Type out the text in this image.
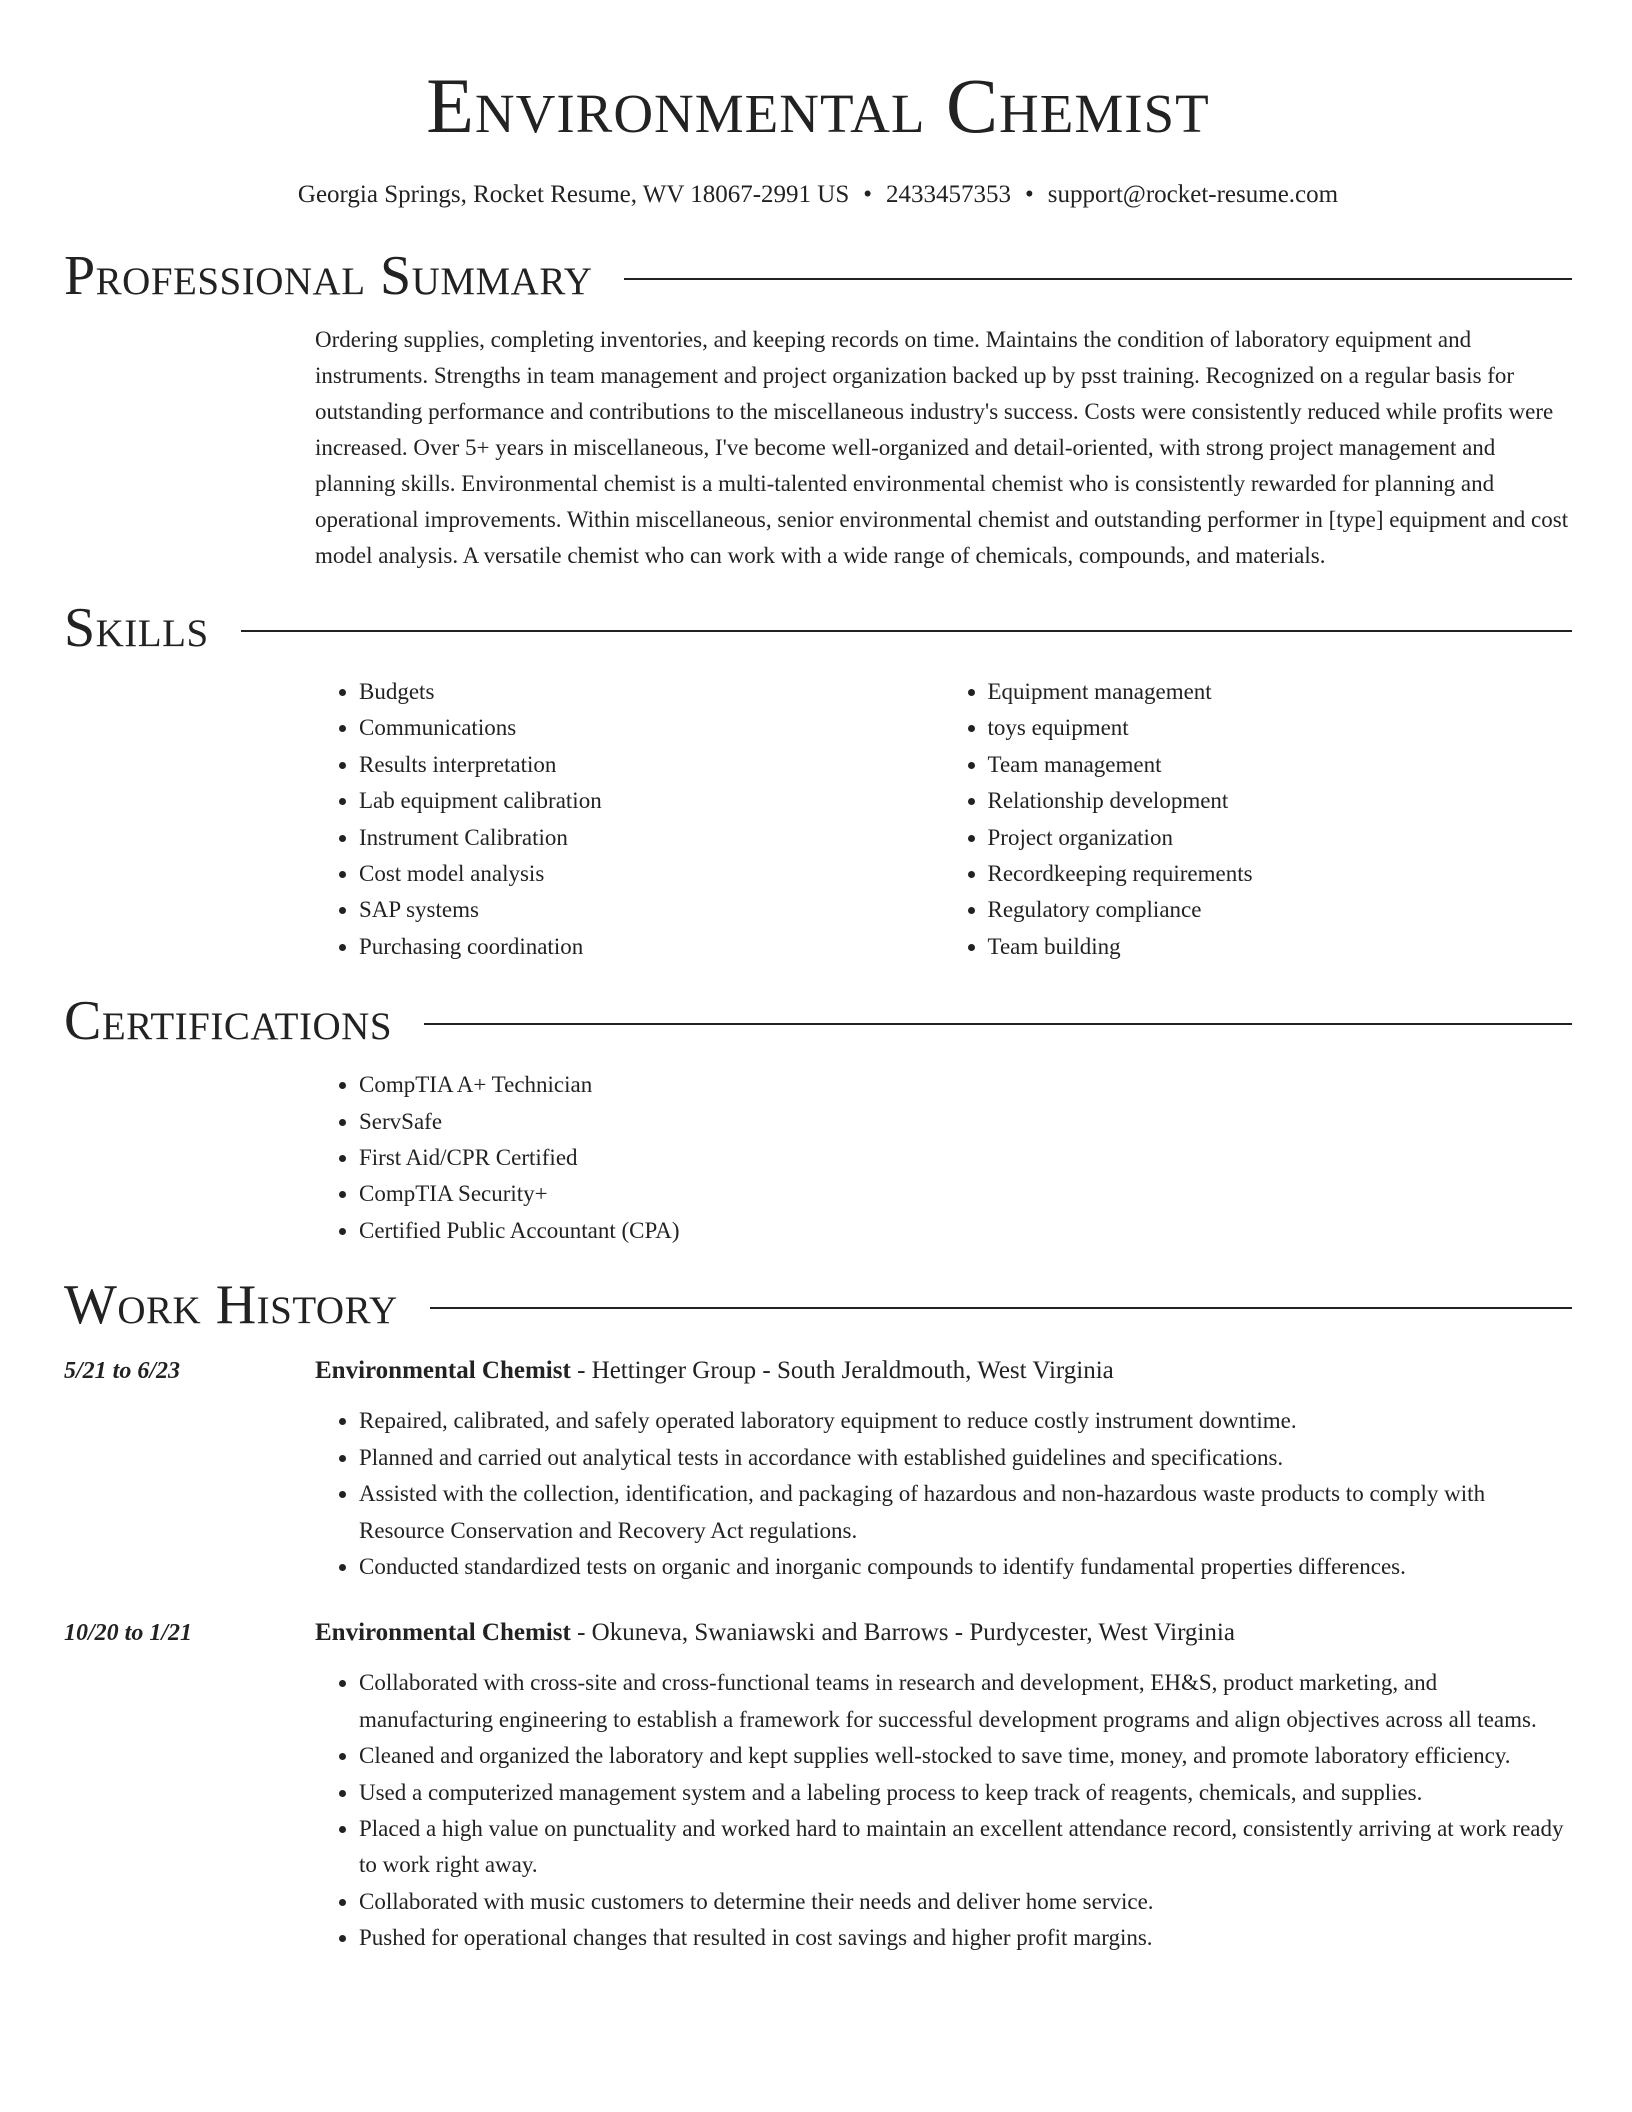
Environmental Chemist
Georgia Springs, Rocket Resume, WV 18067-2991 US • 2433457353 • support@rocket-resume.com
Professional Summary

Ordering supplies, completing inventories, and keeping records on time. Maintains the condition of laboratory equipment and instruments. Strengths in team management and project organization backed up by psst training. Recognized on a regular basis for outstanding performance and contributions to the miscellaneous industry's success. Costs were consistently reduced while profits were increased. Over 5+ years in miscellaneous, I've become well-organized and detail-oriented, with strong project management and planning skills. Environmental chemist is a multi-talented environmental chemist who is consistently rewarded for planning and operational improvements. Within miscellaneous, senior environmental chemist and outstanding performer in [type] equipment and cost model analysis. A versatile chemist who can work with a wide range of chemicals, compounds, and materials.

Skills
• Budgets
• Communications
• Results interpretation
• Lab equipment calibration
• Instrument Calibration
• Cost model analysis
• SAP systems
• Purchasing coordination
• Equipment management
• toys equipment
• Team management
• Relationship development
• Project organization
• Recordkeeping requirements
• Regulatory compliance
• Team building
Certifications
• CompTIA A+ Technician
• ServSafe
• First Aid/CPR Certified
• CompTIA Security+
• Certified Public Accountant (CPA)
Work History
5/21 to 6/23	Environmental Chemist - Hettinger Group - South Jeraldmouth, West Virginia
• Repaired, calibrated, and safely operated laboratory equipment to reduce costly instrument downtime.
• Planned and carried out analytical tests in accordance with established guidelines and specifications.
• Assisted with the collection, identification, and packaging of hazardous and non-hazardous waste products to comply with Resource Conservation and Recovery Act regulations.
• Conducted standardized tests on organic and inorganic compounds to identify fundamental properties differences.
10/20 to 1/21	Environmental Chemist - Okuneva, Swaniawski and Barrows - Purdycester, West Virginia
• Collaborated with cross-site and cross-functional teams in research and development, EH&S, product marketing, and manufacturing engineering to establish a framework for successful development programs and align objectives across all teams.
• Cleaned and organized the laboratory and kept supplies well-stocked to save time, money, and promote laboratory efficiency.
• Used a computerized management system and a labeling process to keep track of reagents, chemicals, and supplies.
• Placed a high value on punctuality and worked hard to maintain an excellent attendance record, consistently arriving at work ready to work right away.
• Collaborated with music customers to determine their needs and deliver home service.
• Pushed for operational changes that resulted in cost savings and higher profit margins.
